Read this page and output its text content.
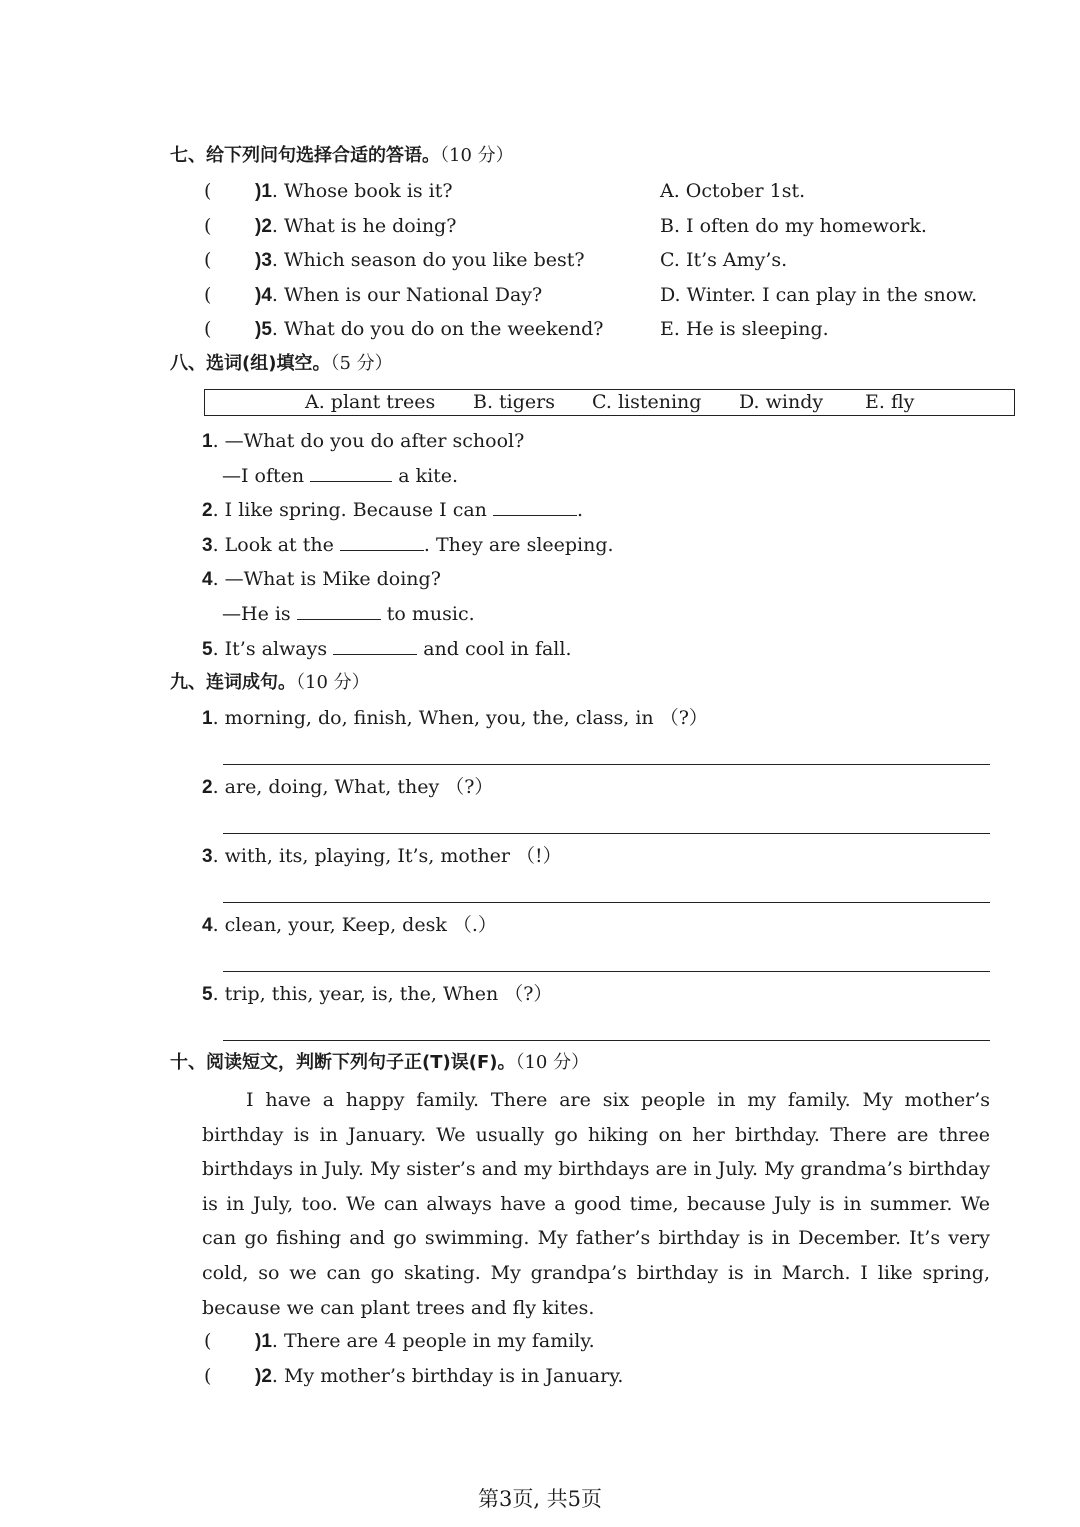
七、给下列问句选择合适的答语。（10 分）
( )1. Whose book is it?	A. October 1st.
( )2. What is he doing?	B. I often do my homework.
( )3. Which season do you like best?	C. It’s Amy’s.
( )4. When is our National Day?	D. Winter. I can play in the snow.
( )5. What do you do on the weekend?	E. He is sleeping.
八、选词(组)填空。（5 分）
A. plant trees B. tigers C. listening D. windy E. fly
1. —What do you do after school?
—I often	a kite.
2. I like spring. Because I can	.
3. Look at the	. They are sleeping.
4. —What is Mike doing?
—He is	to music.
5. It’s always	and cool in fall.
九、连词成句。（10 分）
1. morning, do, finish, When, you, the, class, in （?）
2. are, doing, What, they （?）
3. with, its, playing, It’s, mother （!）
4. clean, your, Keep, desk （.）
5. trip, this, year, is, the, When （?）
十、阅读短文，判断下列句子正(T)误(F)。（10 分）

I have a happy family. There are six people in my family. My mother’s birthday is in January. We usually go hiking on her birthday. There are three birthdays in July. My sister’s and my birthdays are in July. My grandma’s birthday is in July, too. We can always have a good time, because July is in summer. We can go fishing and go swimming. My father’s birthday is in December. It’s very cold, so we can go skating. My grandpa’s birthday is in March. I like spring, because we can plant trees and fly kites.

( )1. There are 4 people in my family.
( )2. My mother’s birthday is in January.
第3页, 共5页
